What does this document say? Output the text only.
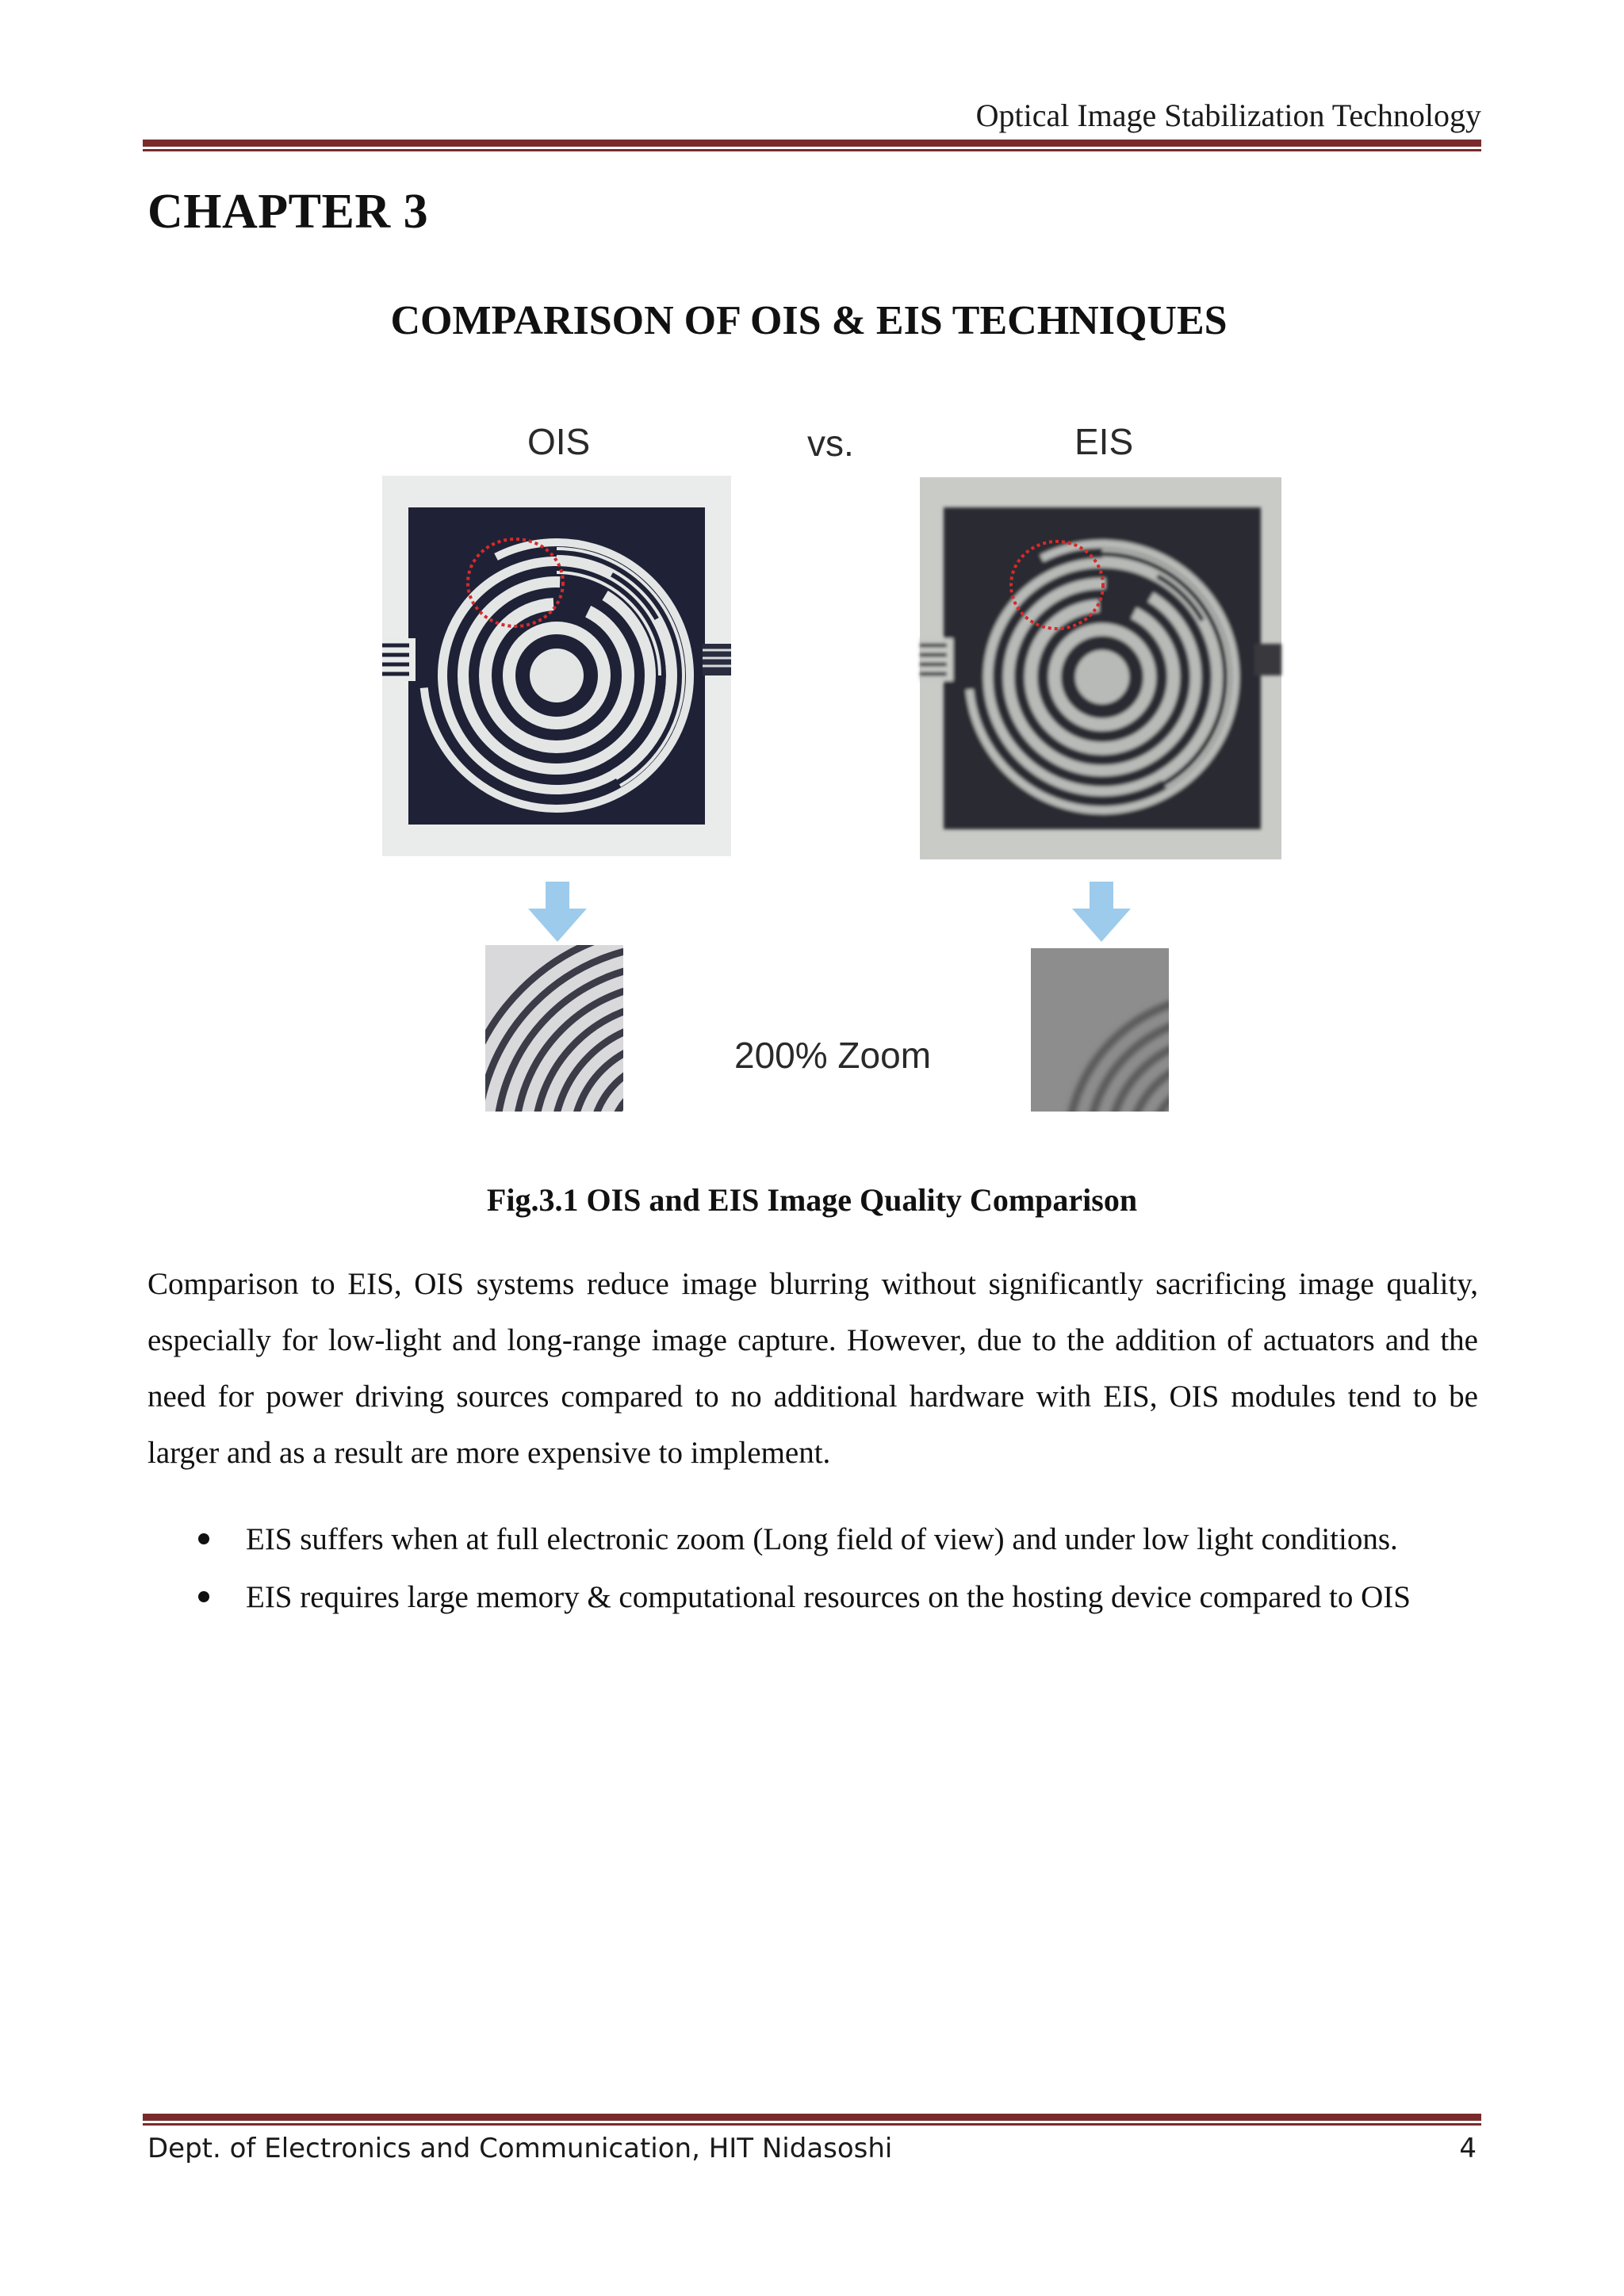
Optical Image Stabilization Technology
CHAPTER 3
COMPARISON OF OIS & EIS TECHNIQUES
OIS	vs.	EIS
200% Zoom
Fig.3.1 OIS and EIS Image Quality Comparison

Comparison to EIS, OIS systems reduce image blurring without significantly sacrificing image quality, especially for low-light and long-range image capture. However, due to the addition of actuators and the need for power driving sources compared to no additional hardware with EIS, OIS modules tend to be larger and as a result are more expensive to implement.

EIS suffers when at full electronic zoom (Long field of view) and under low light conditions.
EIS requires large memory & computational resources on the hosting device compared to OIS
Dept. of Electronics and Communication, HIT Nidasoshi	4
